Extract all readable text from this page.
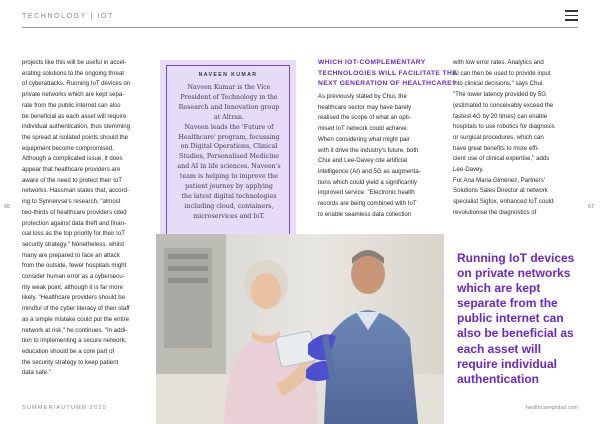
TECHNOLOGY | IOT

projects like this will be useful in accel-
erating solutions to the ongoing threat
of cyberattacks. Running IoT devices on
private networks which are kept sepa-
rate from the public internet can also
be beneficial as each asset will require
individual authentication, thus stemming
the spread at isolated points should the
equipment become compromised.
Although a complicated issue, it does
appear that healthcare providers are
aware of the need to protect their IoT
networks. Hassman states that, accord-
ing to Synnervse's research, "almost
two-thirds of healthcare providers cited
protection against data theft and finan-
cial loss as the top priority for their IoT
security strategy." Nonetheless, whilst
many are prepared to face an attack
from the outside, fewer hospitals might
consider human error as a cybersecu-
rity weak point, although it is far more
likely. "Healthcare providers should be
mindful of the cyber literacy of their staff
as a simple mistake could put the entire
network at risk," he continues. "In addi-
tion to implementing a secure network,
education should be a core part of
the security strategy to keep patient
data safe."

NAVEEN KUMAR
Naveen Kumar is the Vice
President of Technology in the
Research and Innovation group
at Altran.
Naveen leads the 'Future of
Healthcare' program, focussing
on Digital Operations, Clinical
Studies, Personalised Medicine
and AI in life sciences. Naveen's
team is helping to improve the
patient journey by applying
the latest digital technologies
including cloud, containers,
microservices and IoT.
WHICH IOT-COMPLEMENTARY
TECHNOLOGIES WILL FACILITATE THE
NEXT GENERATION OF HEALTHCARE?

As previously stated by Chui, the
healthcare sector may have barely
realised the scope of what an opti-
mised IoT network could achieve.
When considering what might pair
with it drive the industry's future, both
Chui and Lee-Davey cite artificial
intelligence (AI) and 5G as augmenta-
tions which could yield a significantly
improved service. "Electronic health
records are being combined with IoT
to enable seamless data collection

with low error rates. Analytics and
AI can then be used to provide input
into clinical decisions," says Chui.
"The lower latency provided by 5G
(estimated to conceivably exceed the
fastest 4G by 20 times) can enable
hospitals to use robotics for diagnosis
or surgical procedures, which can
have great benefits to more effi-
cient use of clinical expertise," adds
Lee-Davey.
For Ana Maria Giménez, Partners'
Solutions Sales Director at network
specialist Sigfox, enhanced IoT could
revolutionise the diagnostics of

66	67
Running IoT devices
on private networks
which are kept
separate from the
public internet can
also be beneficial as
each asset will
require individual
authentication
SUMMER/AUTUMN 2020	healthcareglobal.com
